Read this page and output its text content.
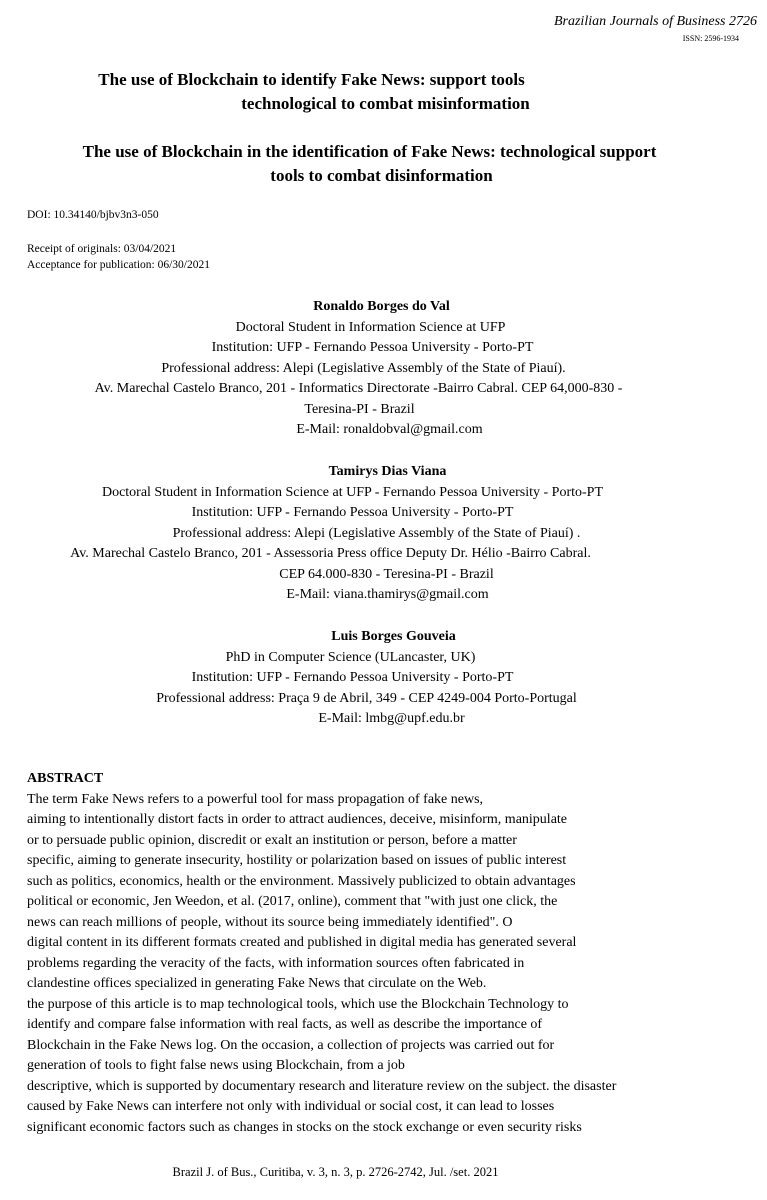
Brazilian Journals of Business 2726
ISSN: 2596-1934
The use of Blockchain to identify Fake News: support tools
technological to combat misinformation
The use of Blockchain in the identification of Fake News: technological support
tools to combat disinformation
DOI: 10.34140/bjbv3n3-050
Receipt of originals: 03/04/2021
Acceptance for publication: 06/30/2021
Ronaldo Borges do Val
Doctoral Student in Information Science at UFP
Institution: UFP - Fernando Pessoa University - Porto-PT
Professional address: Alepi (Legislative Assembly of the State of Piauí).
Av. Marechal Castelo Branco, 201 - Informatics Directorate -Bairro Cabral. CEP 64,000-830 -
Teresina-PI - Brazil
E-Mail: ronaldobval@gmail.com
Tamirys Dias Viana
Doctoral Student in Information Science at UFP - Fernando Pessoa University - Porto-PT
Institution: UFP - Fernando Pessoa University - Porto-PT
Professional address: Alepi (Legislative Assembly of the State of Piauí) .
Av. Marechal Castelo Branco, 201 - Assessoria Press office Deputy Dr. Hélio -Bairro Cabral.
CEP 64.000-830 - Teresina-PI - Brazil
E-Mail: viana.thamirys@gmail.com
Luis Borges Gouveia
PhD in Computer Science (ULancaster, UK)
Institution: UFP - Fernando Pessoa University - Porto-PT
Professional address: Praça 9 de Abril, 349 - CEP 4249-004 Porto-Portugal
E-Mail: lmbg@upf.edu.br
ABSTRACT
The term Fake News refers to a powerful tool for mass propagation of fake news,
aiming to intentionally distort facts in order to attract audiences, deceive, misinform, manipulate
or to persuade public opinion, discredit or exalt an institution or person, before a matter
specific, aiming to generate insecurity, hostility or polarization based on issues of public interest
such as politics, economics, health or the environment. Massively publicized to obtain advantages
political or economic, Jen Weedon, et al. (2017, online), comment that "with just one click, the
news can reach millions of people, without its source being immediately identified". O
digital content in its different formats created and published in digital media has generated several
problems regarding the veracity of the facts, with information sources often fabricated in
clandestine offices specialized in generating Fake News that circulate on the Web.
the purpose of this article is to map technological tools, which use the Blockchain Technology to
identify and compare false information with real facts, as well as describe the importance of
Blockchain in the Fake News log. On the occasion, a collection of projects was carried out for
generation of tools to fight false news using Blockchain, from a job
descriptive, which is supported by documentary research and literature review on the subject. the disaster
caused by Fake News can interfere not only with individual or social cost, it can lead to losses
significant economic factors such as changes in stocks on the stock exchange or even security risks
Brazil J. of Bus., Curitiba, v. 3, n. 3, p. 2726-2742, Jul. /set. 2021
